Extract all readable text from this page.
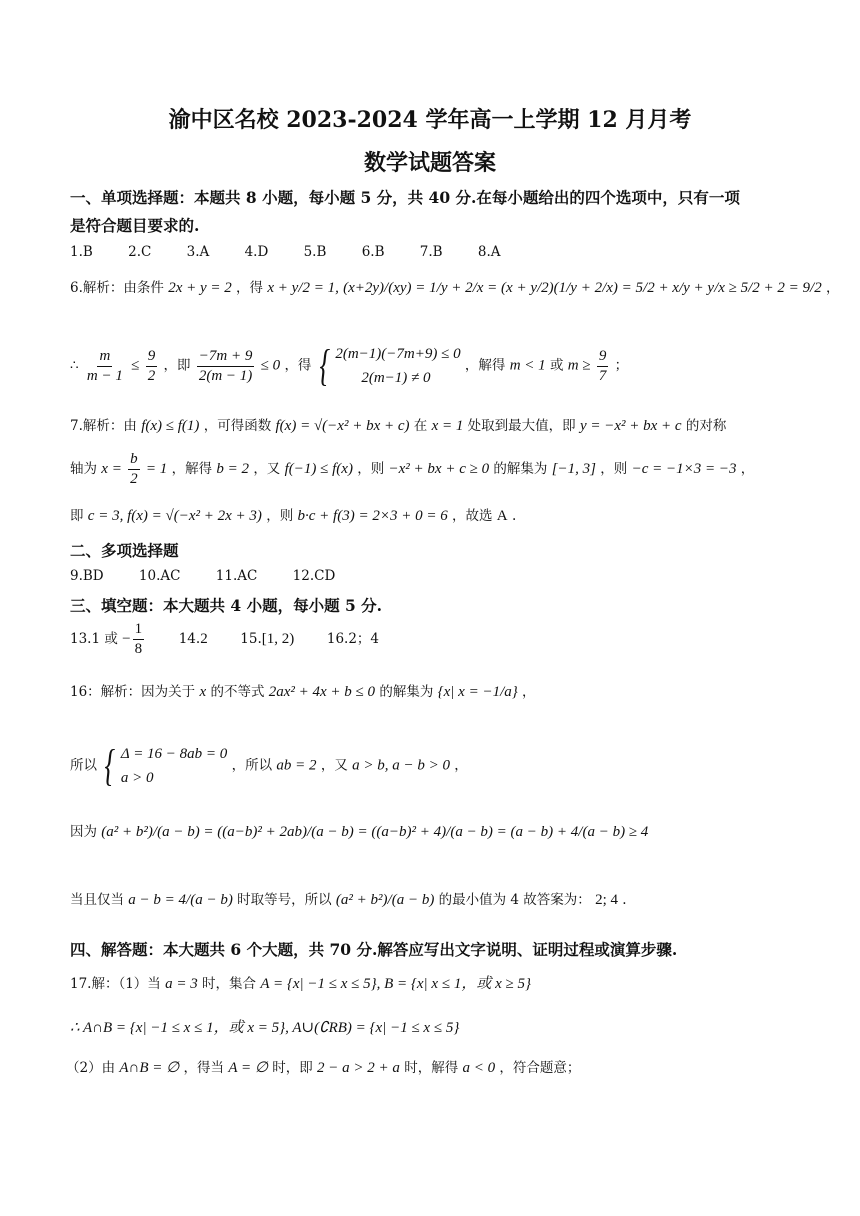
渝中区名校 2023-2024 学年高一上学期 12 月月考
数学试题答案
一、单项选择题：本题共 8 小题，每小题 5 分，共 40 分.在每小题给出的四个选项中，只有一项
是符合题目要求的.
1.B	2.C	3.A	4.D	5.B	6.B	7.B	8.A
6.解析：由条件 2x + y = 2 ，得 x + y/2 = 1, (x+2y)/(xy) = 1/y + 2/x = (x + y/2)(1/y + 2/x) = 5/2 + x/y + y/x ≥ 5/2 + 2 = 9/2 ，
∴ $\frac{m}{m - 1} \le \frac{9}{2}$ ，即 $\frac{-7m + 9}{2(m - 1)} \le 0$ ，得 { 2(m−1)(−7m+9) ≤ 0
2(m−1) ≠ 0
，解得 m < 1 或 $m \ge \frac{9}{7}$ ；
7.解析：由 f(x) ≤ f(1) ，可得函数 f(x) = √(−x² + bx + c) 在 x = 1 处取到最大值，即 y = −x² + bx + c 的对称
轴为 $x = \frac{b}{2} = 1$ ，解得 b = 2 ，又 f(−1) ≤ f(x) ，则 −x² + bx + c ≥ 0 的解集为 [−1, 3] ，则 −c = −1×3 = −3 ，
即 c = 3, f(x) = √(−x² + 2x + 3) ，则 b·c + f(3) = 2×3 + 0 = 6 ，故选 A .
二、多项选择题
9.BD	10.AC	11.AC	12.CD
三、填空题：本大题共 4 小题，每小题 5 分.
13.1 或 − $\frac{1}{8}$	14.2 15.[1, 2) 16.2；4
16：解析：因为关于 x 的不等式 2ax² + 4x + b ≤ 0 的解集为 {x| x = −1/a} ，
所以 { Δ = 16 − 8ab = 0
a > 0
，所以 ab = 2 ，又 a > b, a − b > 0 ，
因为 (a² + b²)/(a − b) = ((a−b)² + 2ab)/(a − b) = ((a−b)² + 4)/(a − b) = (a − b) + 4/(a − b) ≥ 4
当且仅当 a − b = 4/(a − b) 时取等号，所以 (a² + b²)/(a − b) 的最小值为 4 故答案为： 2; 4 .
四、解答题：本大题共 6 个大题，共 70 分.解答应写出文字说明、证明过程或演算步骤.
17.解：（1）当 a = 3 时，集合 A = {x| −1 ≤ x ≤ 5}, B = {x| x ≤ 1，或 x ≥ 5}
∴ A∩B = {x| −1 ≤ x ≤ 1，或 x = 5}, A∪(∁RB) = {x| −1 ≤ x ≤ 5}
（2）由 A∩B = ∅ ，得当 A = ∅ 时，即 2 − a > 2 + a 时，解得 a < 0 ，符合题意；
